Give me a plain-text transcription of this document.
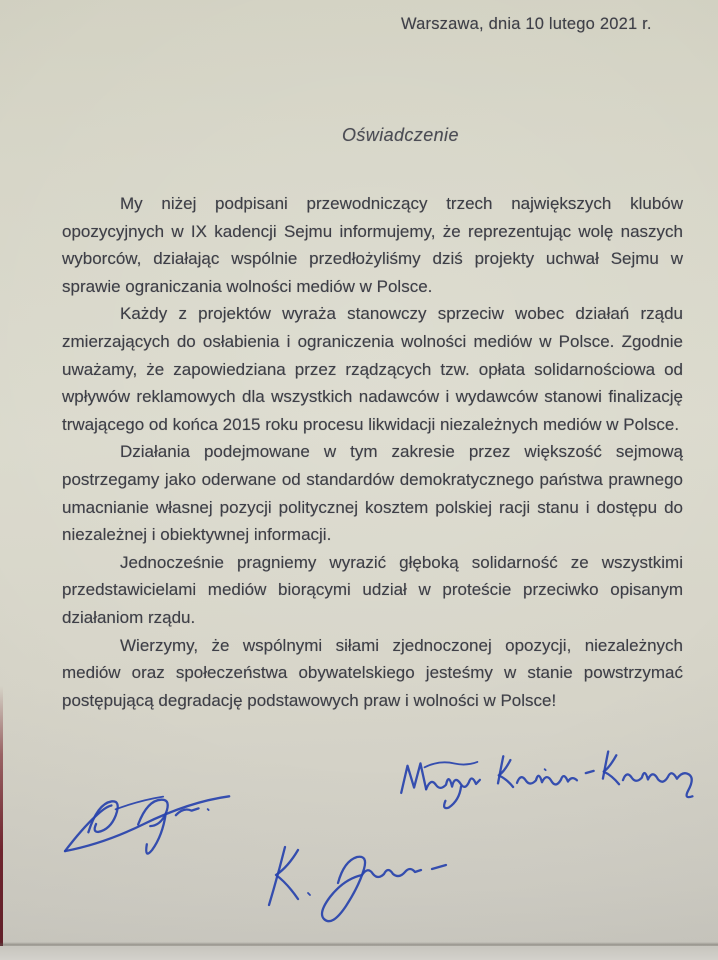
Warszawa, dnia 10 lutego 2021 r.
Oświadczenie

My niżej podpisani przewodniczący trzech największych klubów opozycyjnych w IX kadencji Sejmu informujemy, że reprezentując wolę naszych wyborców, działając wspólnie przedłożyliśmy dziś projekty uchwał Sejmu w sprawie ograniczania wolności mediów w Polsce.

Każdy z projektów wyraża stanowczy sprzeciw wobec działań rządu zmierzających do osłabienia i ograniczenia wolności mediów w Polsce. Zgodnie uważamy, że zapowiedziana przez rządzących tzw. opłata solidarnościowa od wpływów reklamowych dla wszystkich nadawców i wydawców stanowi finalizację trwającego od końca 2015 roku procesu likwidacji niezależnych mediów w Polsce.

Działania podejmowane w tym zakresie przez większość sejmową postrzegamy jako oderwane od standardów demokratycznego państwa prawnego umacnianie własnej pozycji politycznej kosztem polskiej racji stanu i dostępu do niezależnej i obiektywnej informacji.

Jednocześnie pragniemy wyrazić głęboką solidarność ze wszystkimi przedstawicielami mediów biorącymi udział w proteście przeciwko opisanym działaniom rządu.

Wierzymy, że wspólnymi siłami zjednoczonej opozycji, niezależnych mediów oraz społeczeństwa obywatelskiego jesteśmy w stanie powstrzymać postępującą degradację podstawowych praw i wolności w Polsce!
